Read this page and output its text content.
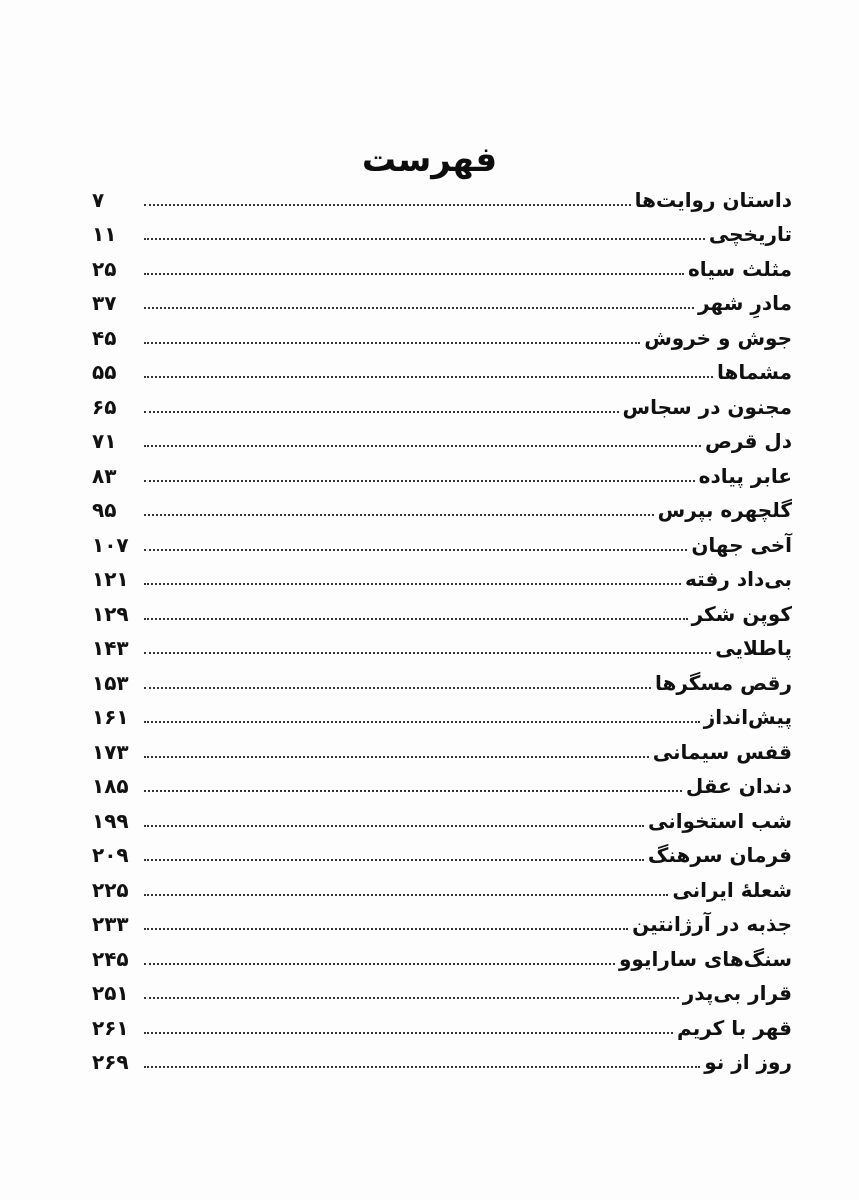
فهرست
داستان روایت‌ها
۷
تاریخچی
۱۱
مثلث سیاه
۲۵
مادرِ شهر
۳۷
جوش و خروش
۴۵
مشماها
۵۵
مجنون در سجاس
۶۵
دل قرص
۷۱
عابر پیاده
۸۳
گلچهره بپرس
۹۵
آخی جهان
۱۰۷
بی‌داد رفته
۱۲۱
کوپن شکر
۱۲۹
پاطلایی
۱۴۳
رقص مسگرها
۱۵۳
پیش‌انداز
۱۶۱
قفس سیمانی
۱۷۳
دندان عقل
۱۸۵
شب استخوانی
۱۹۹
فرمان سرهنگ
۲۰۹
شعلهٔ ایرانی
۲۲۵
جذبه در آرژانتین
۲۳۳
سنگ‌های سارایوو
۲۴۵
قرار بی‌پدر
۲۵۱
قهر با کریم
۲۶۱
روز از نو
۲۶۹
